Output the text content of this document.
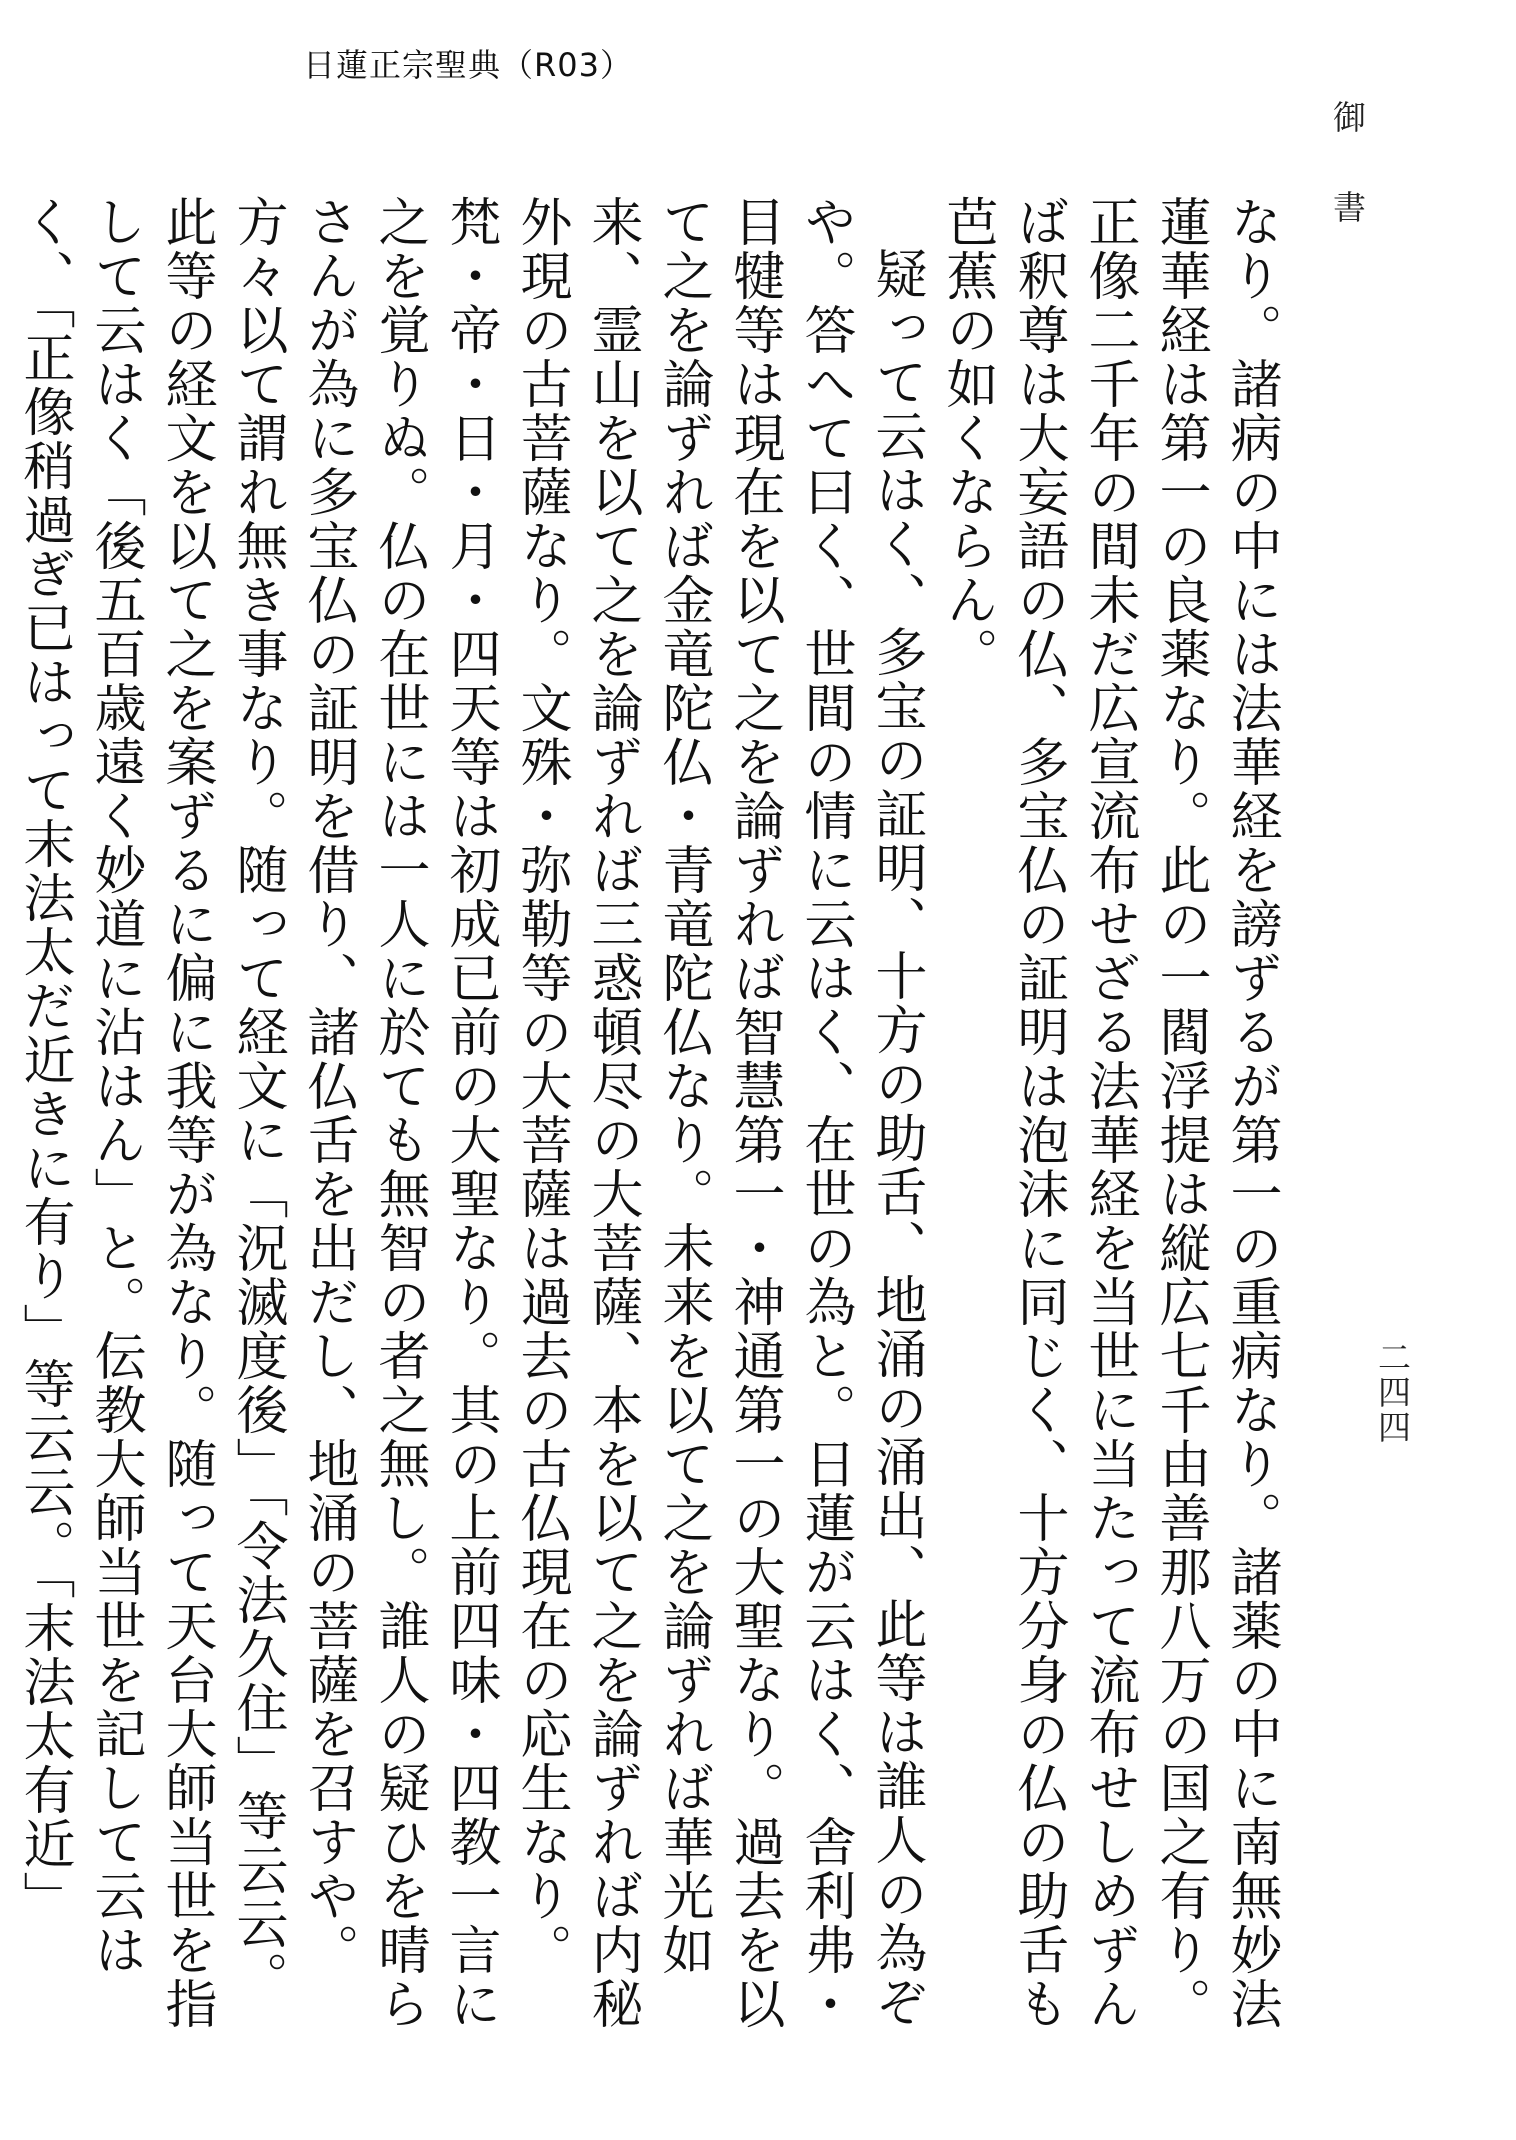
日蓮正宗聖典（R03）
御　書
二四四

なり。諸病の中には法華経を謗ずるが第一の重病なり。諸薬の中に南無妙法蓮華経は第一の良薬なり。此の一閻浮提は縦広七千由善那八万の国之有り。正像二千年の間未だ広宣流布せざる法華経を当世に当たって流布せしめずんば釈尊は大妄語の仏、多宝仏の証明は泡沫に同じく、十方分身の仏の助舌も芭蕉の如くならん。

疑って云はく、多宝の証明、十方の助舌、地涌の涌出、此等は誰人の為ぞや。答へて曰く、世間の情に云はく、在世の為と。日蓮が云はく、舎利弗・目犍等は現在を以て之を論ずれば智慧第一・神通第一の大聖なり。過去を以て之を論ずれば金竜陀仏・青竜陀仏なり。未来を以て之を論ずれば華光如来、霊山を以て之を論ずれば三惑頓尽の大菩薩、本を以て之を論ずれば内秘外現の古菩薩なり。文殊・弥勒等の大菩薩は過去の古仏現在の応生なり。梵・帝・日・月・四天等は初成已前の大聖なり。其の上前四味・四教一言に之を覚りぬ。仏の在世には一人に於ても無智の者之無し。誰人の疑ひを晴らさんが為に多宝仏の証明を借り、諸仏舌を出だし、地涌の菩薩を召すや。方々以て謂れ無き事なり。随って経文に「況滅度後」「令法久住」等云云。此等の経文を以て之を案ずるに偏に我等が為なり。随って天台大師当世を指して云はく「後五百歳遠く妙道に沾はん」と。伝教大師当世を記して云はく、「正像稍過ぎ已はって末法太だ近きに有り」等云云。「末法太有近」
